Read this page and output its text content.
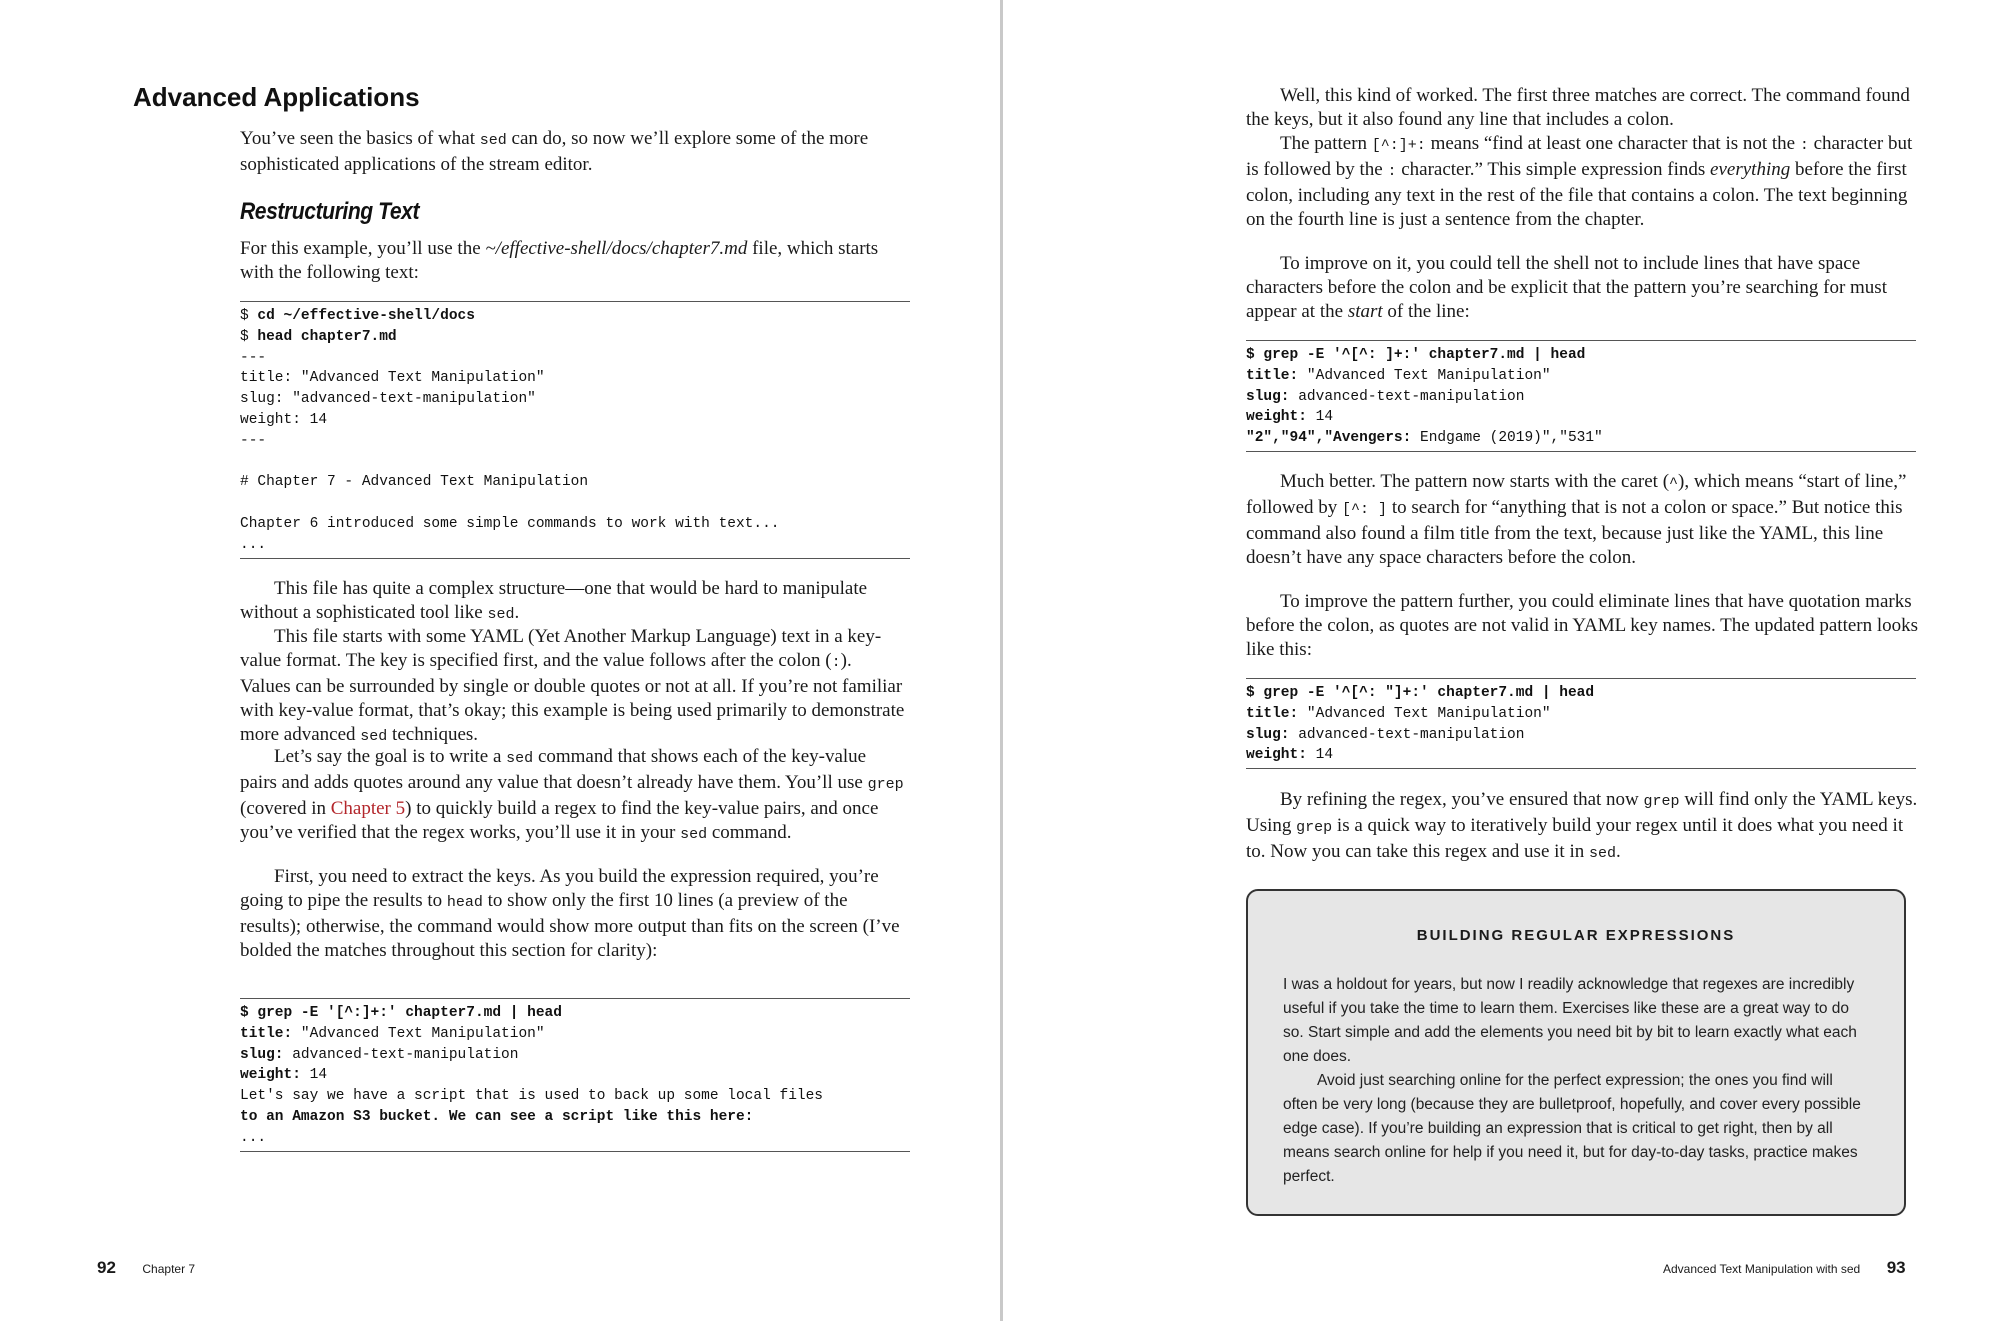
Advanced Applications

You’ve seen the basics of what sed can do, so now we’ll explore some of the more sophisticated applications of the stream editor.

Restructuring Text

For this example, you’ll use the ~/effective-shell/docs/chapter7.md file, which starts with the following text:

$ cd ~/effective-shell/docs
$ head chapter7.md
---
title: "Advanced Text Manipulation"
slug: "advanced-text-manipulation"
weight: 14
---

# Chapter 7 - Advanced Text Manipulation

Chapter 6 introduced some simple commands to work with text...
...

This file has quite a complex structure—one that would be hard to manipulate without a sophisticated tool like sed.

This file starts with some YAML (Yet Another Markup Language) text in a key-value format. The key is specified first, and the value follows after the colon (:). Values can be surrounded by single or double quotes or not at all. If you’re not familiar with key-value format, that’s okay; this example is being used primarily to demonstrate more advanced sed techniques.

Let’s say the goal is to write a sed command that shows each of the key-value pairs and adds quotes around any value that doesn’t already have them. You’ll use grep (covered in Chapter 5) to quickly build a regex to find the key-value pairs, and once you’ve verified that the regex works, you’ll use it in your sed command.

First, you need to extract the keys. As you build the expression required, you’re going to pipe the results to head to show only the first 10 lines (a preview of the results); otherwise, the command would show more output than fits on the screen (I’ve bolded the matches throughout this section for clarity):

$ grep -E '[^:]+:' chapter7.md | head
title: "Advanced Text Manipulation"
slug: advanced-text-manipulation
weight: 14
Let's say we have a script that is used to back up some local files
to an Amazon S3 bucket. We can see a script like this here:
...
92 Chapter 7

Well, this kind of worked. The first three matches are correct. The command found the keys, but it also found any line that includes a colon.

The pattern [^:]+: means “find at least one character that is not the : character but is followed by the : character.” This simple expression finds everything before the first colon, including any text in the rest of the file that contains a colon. The text beginning on the fourth line is just a sentence from the chapter.

To improve on it, you could tell the shell not to include lines that have space characters before the colon and be explicit that the pattern you’re searching for must appear at the start of the line:

$ grep -E '^[^: ]+:' chapter7.md | head
title: "Advanced Text Manipulation"
slug: advanced-text-manipulation
weight: 14
"2","94","Avengers: Endgame (2019)","531"

Much better. The pattern now starts with the caret (^), which means “start of line,” followed by [^: ] to search for “anything that is not a colon or space.” But notice this command also found a film title from the text, because just like the YAML, this line doesn’t have any space characters before the colon.

To improve the pattern further, you could eliminate lines that have quotation marks before the colon, as quotes are not valid in YAML key names. The updated pattern looks like this:

$ grep -E '^[^: "]+:' chapter7.md | head
title: "Advanced Text Manipulation"
slug: advanced-text-manipulation
weight: 14

By refining the regex, you’ve ensured that now grep will find only the YAML keys. Using grep is a quick way to iteratively build your regex until it does what you need it to. Now you can take this regex and use it in sed.

Advanced Text Manipulation with sed 93

BUILDING REGULAR EXPRESSIONS

I was a holdout for years, but now I readily acknowledge that regexes are incredibly useful if you take the time to learn them. Exercises like these are a great way to do so. Start simple and add the elements you need bit by bit to learn exactly what each one does.

Avoid just searching online for the perfect expression; the ones you find will often be very long (because they are bulletproof, hopefully, and cover every possible edge case). If you’re building an expression that is critical to get right, then by all means search online for help if you need it, but for day-to-day tasks, practice makes perfect.
